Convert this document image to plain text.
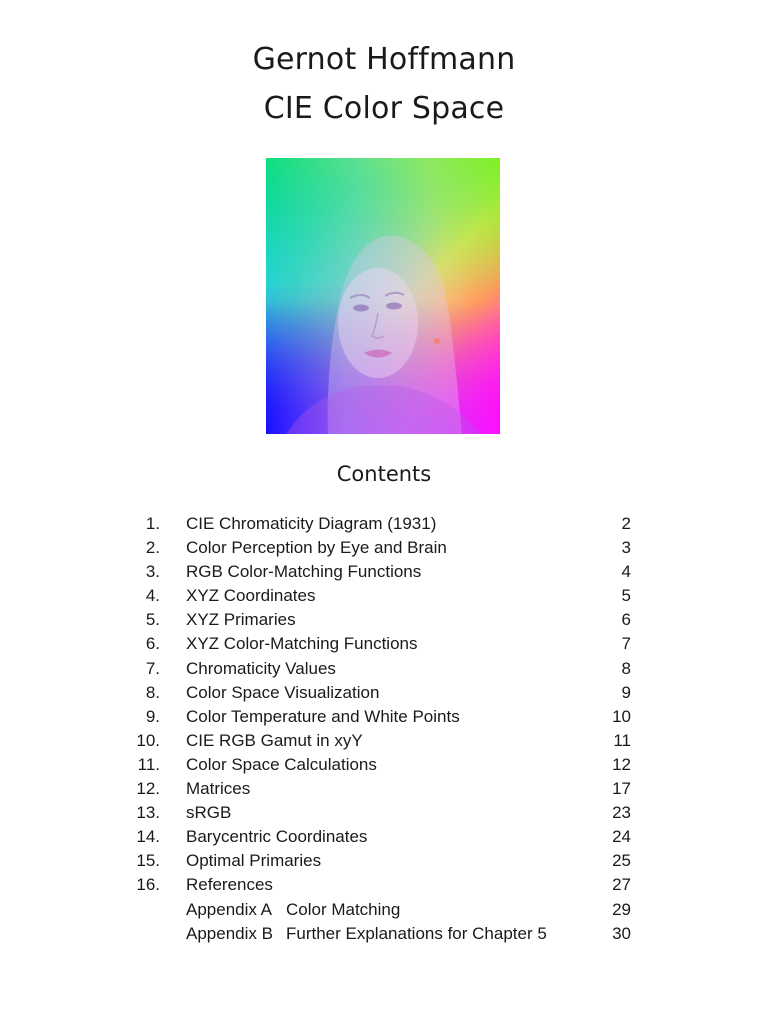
Gernot Hoffmann
CIE Color Space
Contents
1. CIE Chromaticity Diagram (1931)	2
2. Color Perception by Eye and Brain	3
3. RGB Color-Matching Functions	4
4. XYZ Coordinates	5
5. XYZ Primaries	6
6. XYZ Color-Matching Functions	7
7. Chromaticity Values	8
8. Color Space Visualization	9
9. Color Temperature and White Points	10
10. CIE RGB Gamut in xyY	11
11. Color Space Calculations	12
12. Matrices	17
13. sRGB	23
14. Barycentric Coordinates	24
15. Optimal Primaries	25
16. References	27
Appendix A Color Matching	29
Appendix B Further Explanations for Chapter 5	30
